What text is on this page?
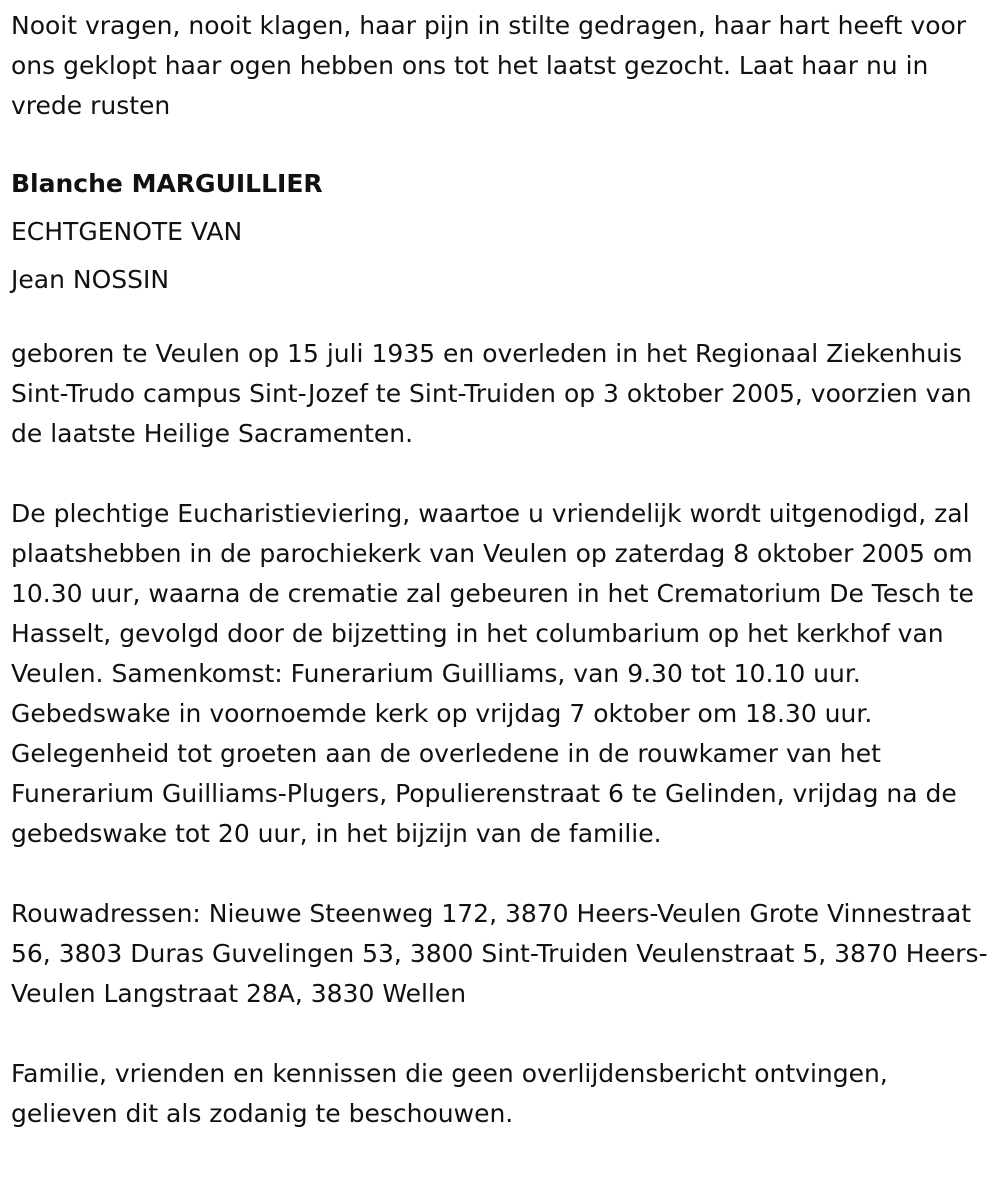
Nooit vragen, nooit klagen, haar pijn in stilte gedragen, haar hart heeft voor ons geklopt haar ogen hebben ons tot het laatst gezocht. Laat haar nu in vrede rusten

Blanche MARGUILLIER

ECHTGENOTE VAN

Jean NOSSIN

geboren te Veulen op 15 juli 1935 en overleden in het Regionaal Ziekenhuis Sint-Trudo campus Sint-Jozef te Sint-Truiden op 3 oktober 2005, voorzien van de laatste Heilige Sacramenten.

De plechtige Eucharistieviering, waartoe u vriendelijk wordt uitgenodigd, zal plaatshebben in de parochiekerk van Veulen op zaterdag 8 oktober 2005 om 10.30 uur, waarna de crematie zal gebeuren in het Crematorium De Tesch te Hasselt, gevolgd door de bijzetting in het columbarium op het kerkhof van Veulen. Samenkomst: Funerarium Guilliams, van 9.30 tot 10.10 uur. Gebedswake in voornoemde kerk op vrijdag 7 oktober om 18.30 uur. Gelegenheid tot groeten aan de overledene in de rouwkamer van het Funerarium Guilliams-Plugers, Populierenstraat 6 te Gelinden, vrijdag na de gebedswake tot 20 uur, in het bijzijn van de familie.

Rouwadressen: Nieuwe Steenweg 172, 3870 Heers-Veulen Grote Vinnestraat 56, 3803 Duras Guvelingen 53, 3800 Sint-Truiden Veulenstraat 5, 3870 Heers-Veulen Langstraat 28A, 3830 Wellen

Familie, vrienden en kennissen die geen overlijdensbericht ontvingen, gelieven dit als zodanig te beschouwen.
